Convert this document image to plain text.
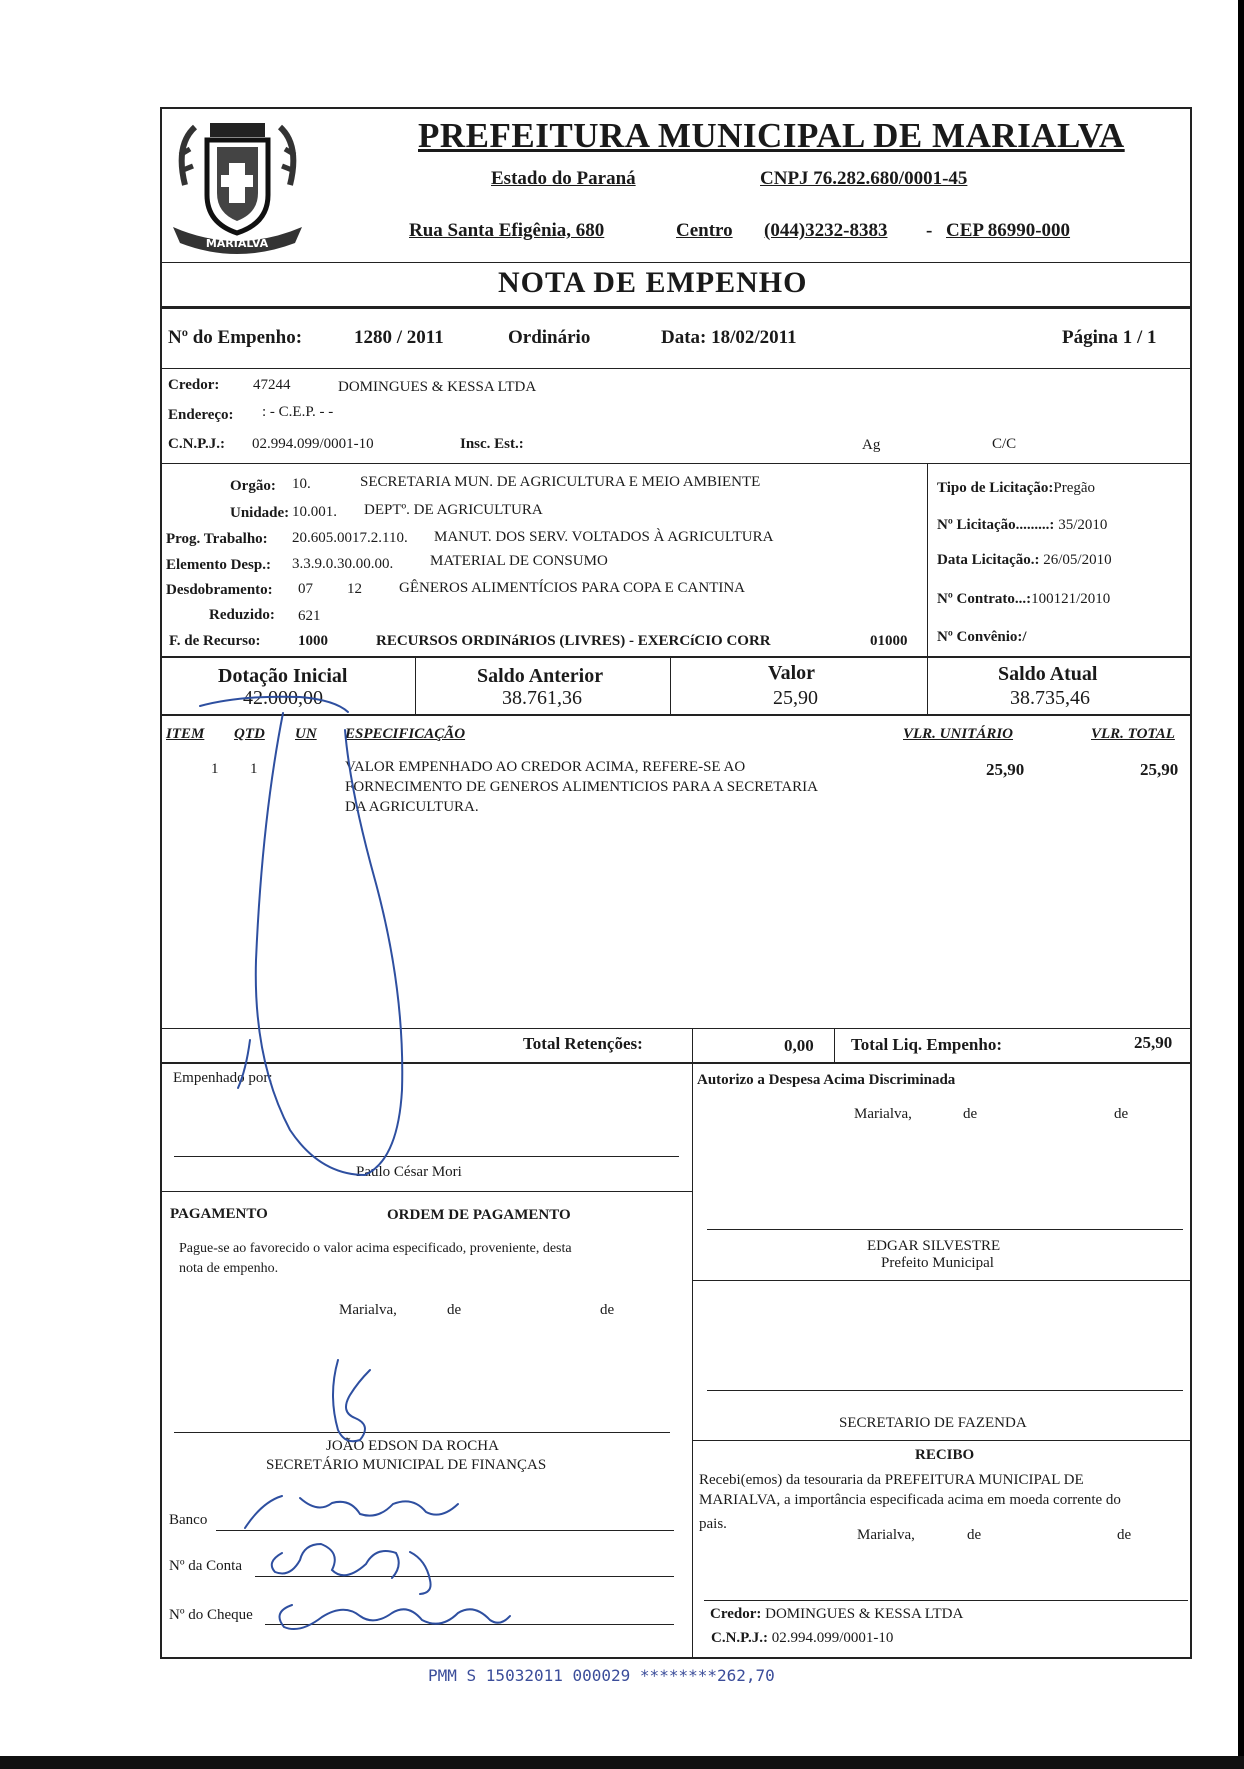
MARIALVA
PREFEITURA MUNICIPAL DE MARIALVA
Estado do Paraná	CNPJ 76.282.680/0001-45
Rua Santa Efigênia, 680	Centro (044)3232-8383 - CEP 86990-000
NOTA DE EMPENHO
Nº do Empenho:	1280 / 2011	Ordinário	Data: 18/02/2011	Página 1 / 1
Credor: 47244	DOMINGUES & KESSA LTDA
Endereço: : - C.E.P. - -
C.N.P.J.: 02.994.099/0001-10	Insc. Est.:	Ag	C/C
Orgão: 10.	SECRETARIA MUN. DE AGRICULTURA E MEIO AMBIENTE
Unidade: 10.001. DEPTº. DE AGRICULTURA
Prog. Trabalho: 20.605.0017.2.110. MANUT. DOS SERV. VOLTADOS À AGRICULTURA
Elemento Desp.: 3.3.9.0.30.00.00. MATERIAL DE CONSUMO
Desdobramento: 07 12 GÊNEROS ALIMENTÍCIOS PARA COPA E CANTINA
Reduzido: 621
F. de Recurso: 1000	RECURSOS ORDINáRIOS (LIVRES) - EXERCíCIO CORR	01000
Tipo de Licitação:Pregão
Nº Licitação.........: 35/2010
Data Licitação.: 26/05/2010
Nº Contrato...:100121/2010
Nº Convênio:/
Dotação Inicial
42.000,00
Saldo Anterior
38.761,36
Valor
25,90
Saldo Atual
38.735,46
ITEM QTD UN ESPECIFICAÇÃO	VLR. UNITÁRIO	VLR. TOTAL
1 1	VALOR EMPENHADO AO CREDOR ACIMA, REFERE-SE AO
FORNECIMENTO DE GENEROS ALIMENTICIOS PARA A SECRETARIA
DA AGRICULTURA.
25,90	25,90
Total Retenções:	0,00 Total Liq. Empenho:	25,90
Empenhado por:
Paulo César Mori
Autorizo a Despesa Acima Discriminada
Marialva,	de	de
EDGAR SILVESTRE
Prefeito Municipal
SECRETARIO DE FAZENDA
PAGAMENTO	ORDEM DE PAGAMENTO
Pague-se ao favorecido o valor acima especificado, proveniente, desta
nota de empenho.
Marialva,	de	de
JOÃO EDSON DA ROCHA
SECRETÁRIO MUNICIPAL DE FINANÇAS
Banco
Nº da Conta
Nº do Cheque
RECIBO
Recebi(emos) da tesouraria da PREFEITURA MUNICIPAL DE
MARIALVA, a importância especificada acima em moeda corrente do
pais.
Marialva,	de	de
Credor: DOMINGUES & KESSA LTDA
C.N.P.J.: 02.994.099/0001-10
PMM S 15032011 000029 ********262,70
